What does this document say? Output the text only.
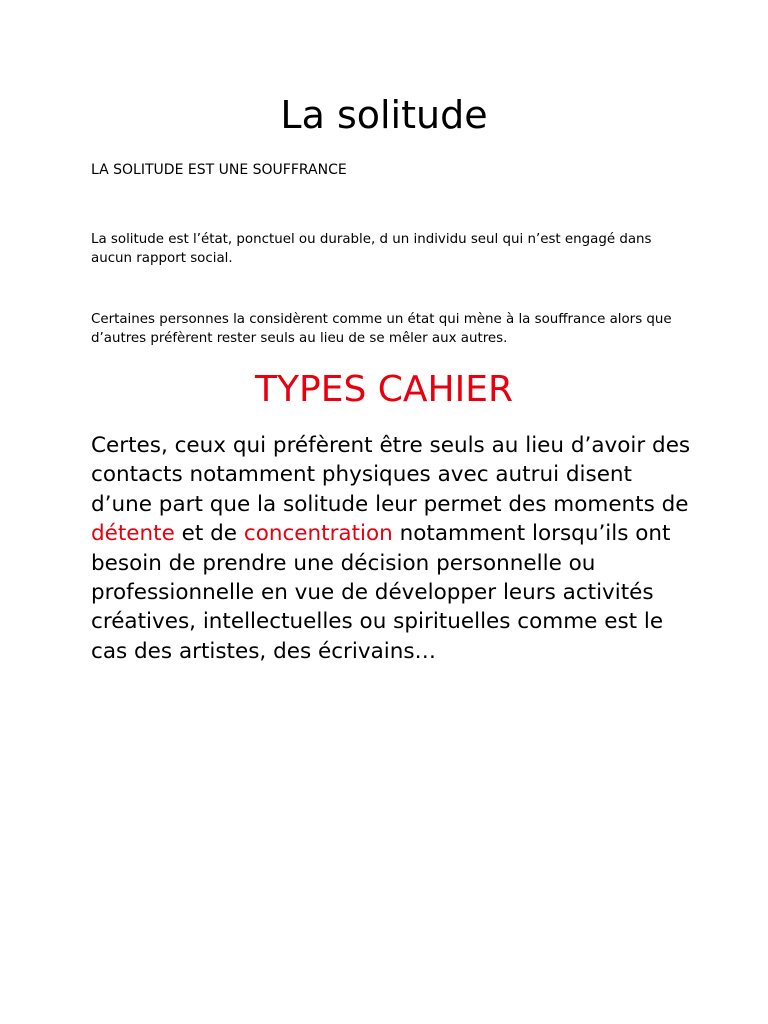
La solitude
LA SOLITUDE EST UNE SOUFFRANCE
La solitude est l’état, ponctuel ou durable, d un individu seul qui n’est engagé dans aucun rapport social.
Certaines personnes la considèrent comme un état qui mène à la souffrance alors que d’autres préfèrent rester seuls au lieu de se mêler aux autres.
TYPES CAHIER
Certes, ceux qui préfèrent être seuls au lieu d’avoir des contacts notamment physiques avec autrui disent d’une part que la solitude leur permet des moments de détente et de concentration notamment lorsqu’ils ont besoin de prendre une décision personnelle ou professionnelle en vue de développer leurs activités créatives, intellectuelles ou spirituelles comme est le cas des artistes, des écrivains…
